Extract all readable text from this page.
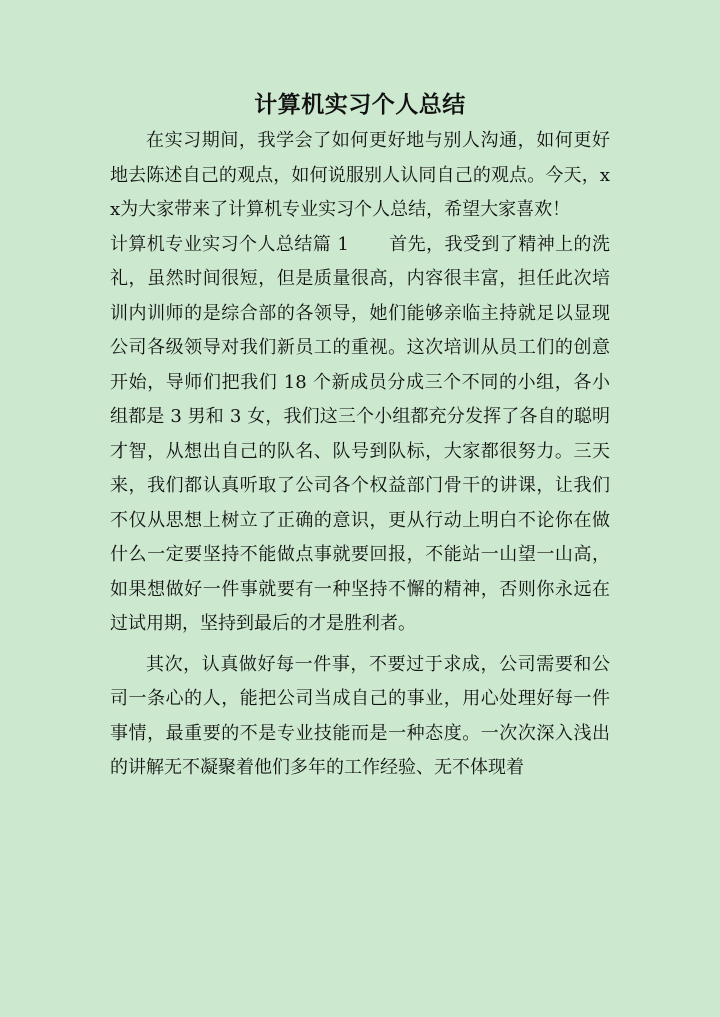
计算机实习个人总结

在实习期间，我学会了如何更好地与别人沟通，如何更好地去陈述自己的观点，如何说服别人认同自己的观点。今天，xx为大家带来了计算机专业实习个人总结，希望大家喜欢！

计算机专业实习个人总结篇 1 首先，我受到了精神上的洗礼，虽然时间很短，但是质量很高，内容很丰富，担任此次培训内训师的是综合部的各领导，她们能够亲临主持就足以显现公司各级领导对我们新员工的重视。这次培训从员工们的创意开始，导师们把我们 18 个新成员分成三个不同的小组，各小组都是 3 男和 3 女，我们这三个小组都充分发挥了各自的聪明才智，从想出自己的队名、队号到队标，大家都很努力。三天来，我们都认真听取了公司各个权益部门骨干的讲课，让我们不仅从思想上树立了正确的意识，更从行动上明白不论你在做什么一定要坚持不能做点事就要回报，不能站一山望一山高，如果想做好一件事就要有一种坚持不懈的精神，否则你永远在过试用期，坚持到最后的才是胜利者。

其次，认真做好每一件事，不要过于求成，公司需要和公司一条心的人，能把公司当成自己的事业，用心处理好每一件事情，最重要的不是专业技能而是一种态度。一次次深入浅出的讲解无不凝聚着他们多年的工作经验、无不体现着
